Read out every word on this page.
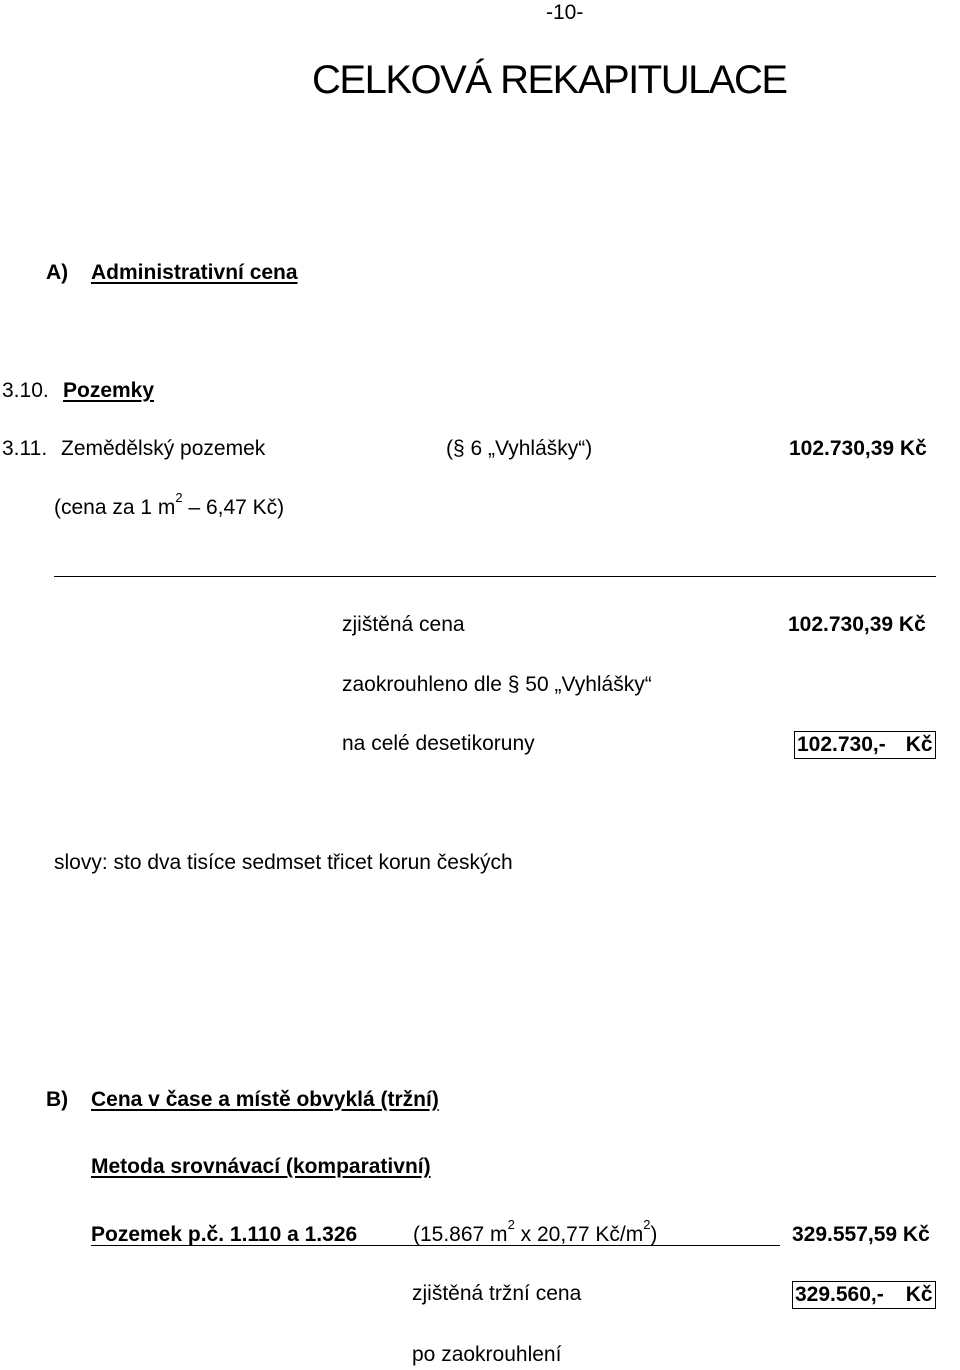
-10-
CELKOVÁ REKAPITULACE
A) Administrativní cena
3.10. Pozemky
3.11. Zemědělský pozemek	(§ 6 „Vyhlášky“)	102.730,39 Kč
(cena za 1 $m^2 - 6,47$ Kč)
zjištěná cena	102.730,39 Kč
zaokrouhleno dle § 50 „Vyhlášky“
na celé desetikoruny	102.730,- Kč
slovy: sto dva tisíce sedmset třicet korun českých
B) Cena v čase a místě obvyklá (tržní)
Metoda srovnávací (komparativní)
Pozemek p.č. 1.110 a 1.326	(15.867 $m^2$ x 20,77 $Kč/m^2$)	329.557,59 Kč
zjištěná tržní cena	329.560,- Kč
po zaokrouhlení
